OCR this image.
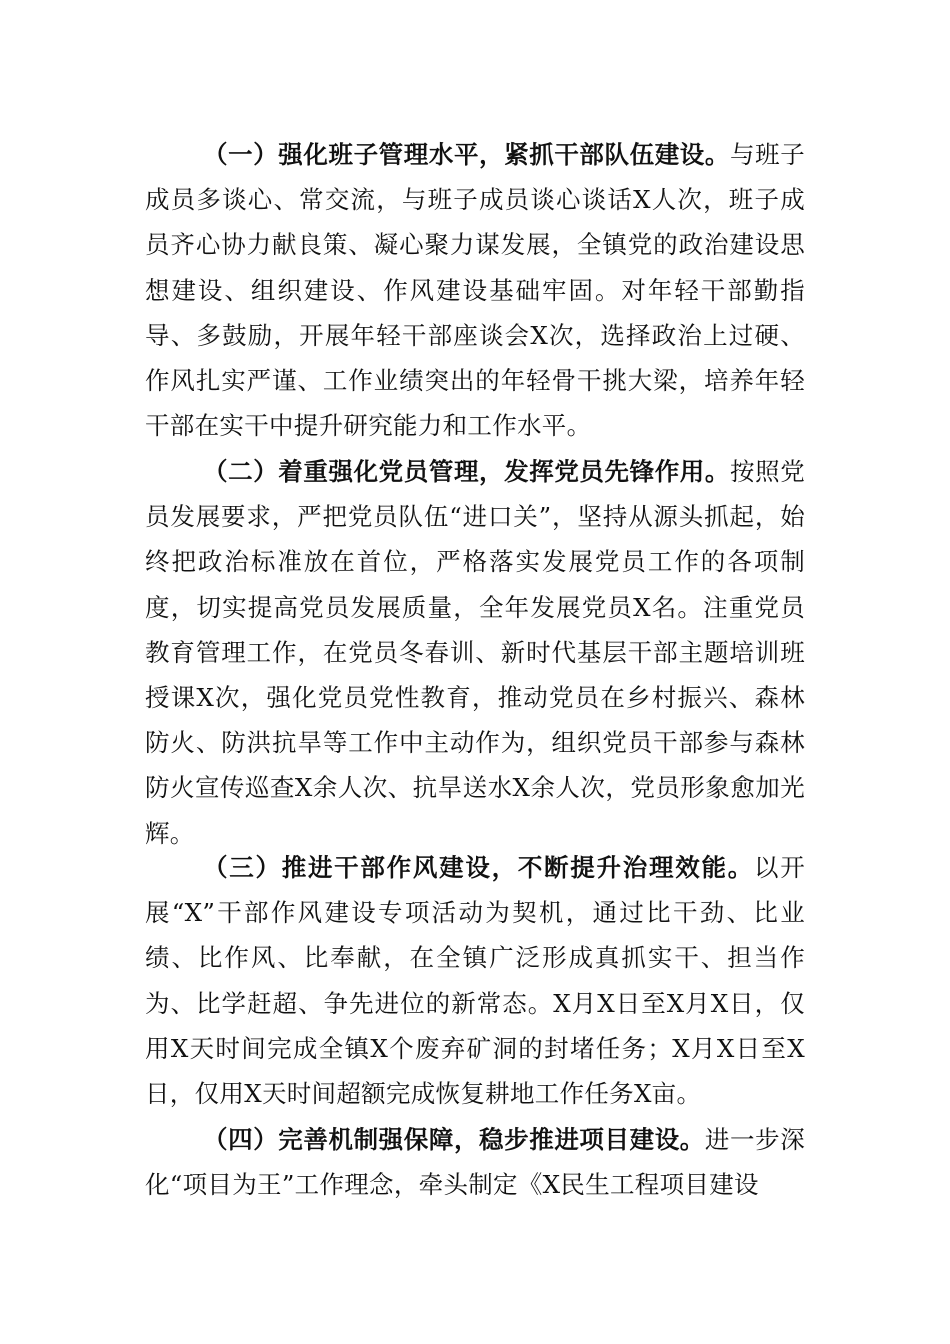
（一）强化班子管理水平，紧抓干部队伍建设。与班子成员多谈心、常交流，与班子成员谈心谈话X人次，班子成员齐心协力献良策、凝心聚力谋发展，全镇党的政治建设思想建设、组织建设、作风建设基础牢固。对年轻干部勤指导、多鼓励，开展年轻干部座谈会X次，选择政治上过硬、作风扎实严谨、工作业绩突出的年轻骨干挑大梁，培养年轻干部在实干中提升研究能力和工作水平。

（二）着重强化党员管理，发挥党员先锋作用。按照党员发展要求，严把党员队伍“进口关”，坚持从源头抓起，始终把政治标准放在首位，严格落实发展党员工作的各项制度，切实提高党员发展质量，全年发展党员X名。注重党员教育管理工作，在党员冬春训、新时代基层干部主题培训班授课X次，强化党员党性教育，推动党员在乡村振兴、森林防火、防洪抗旱等工作中主动作为，组织党员干部参与森林防火宣传巡查X余人次、抗旱送水X余人次，党员形象愈加光辉。

（三）推进干部作风建设，不断提升治理效能。以开展“X”干部作风建设专项活动为契机，通过比干劲、比业绩、比作风、比奉献，在全镇广泛形成真抓实干、担当作为、比学赶超、争先进位的新常态。X月X日至X月X日，仅用X天时间完成全镇X个废弃矿洞的封堵任务；X月X日至X日，仅用X天时间超额完成恢复耕地工作任务X亩。

（四）完善机制强保障，稳步推进项目建设。进一步深化“项目为王”工作理念，牵头制定《X民生工程项目建设
